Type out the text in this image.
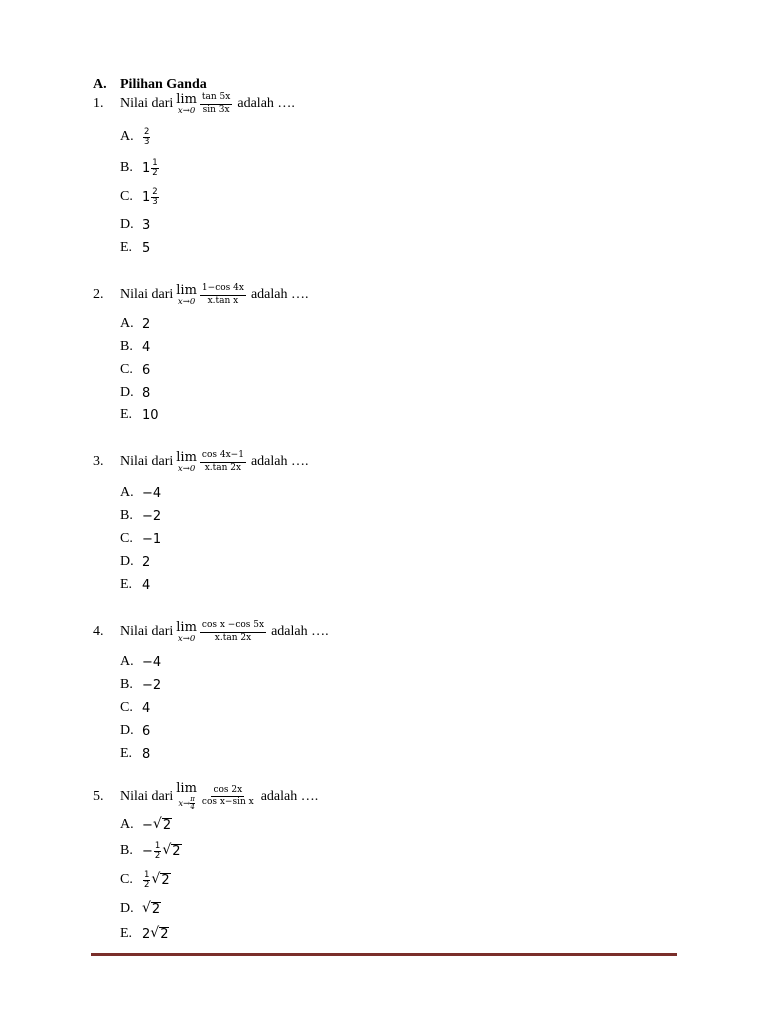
A. Pilihan Ganda
1.	Nilai dari lim
$x\to 0 \frac{\tan 5x}{\sin 3x}$ adalah ….
A.	2
3
B. 1 1
2
C. 1 2
3
D. 3
E. 5
2.	Nilai dari lim
$x\to 0 \frac{1-\cos 4x}{\text{x.tan x}}$ adalah ….
A. 2
B. 4
C. 6
D. 8
E. 10
3.	Nilai dari lim
$x\to 0 \frac{\cos 4x-1}{x.\tan 2x}$ adalah ….
A. −4
B. −2
C. −1
D. 2
E. 4
4.	Nilai dari lim
$x\to 0 \frac{\text{cos x −cos 5x}}{x.\tan 2x}$ adalah ….
A. −4
B. −2
C. 4
D. 6
E. 8
5.	Nilai dari lim
$x\to \frac{\pi}{4} \frac{\cos 2x}{\text{cos x−sin x}}$ adalah ….
A. − √ 2
B. − 1
2 √ 2
C.	1
2 √ 2
D. √ 2
E. 2 √ 2
